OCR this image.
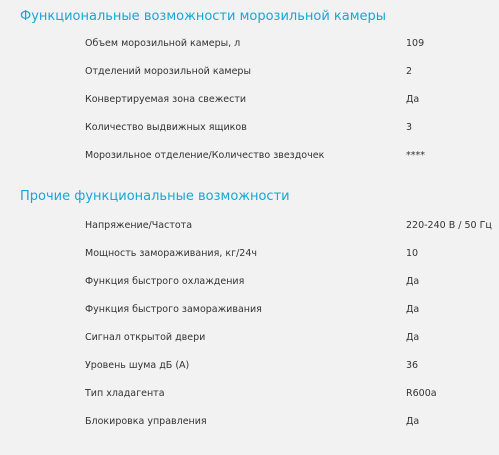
Функциональные возможности морозильной камеры
Объем морозильной камеры, л	109
Отделений морозильной камеры	2
Конвертируемая зона свежести	Да
Количество выдвижных ящиков	3
Морозильное отделение/Количество звездочек	****
Прочие функциональные возможности
Напряжение/Частота	220-240 В / 50 Гц
Мощность замораживания, кг/24ч	10
Функция быстрого охлаждения	Да
Функция быстрого замораживания	Да
Сигнал открытой двери	Да
Уровень шума дБ (А)	36
Тип хладагента	R600a
Блокировка управления	Да
